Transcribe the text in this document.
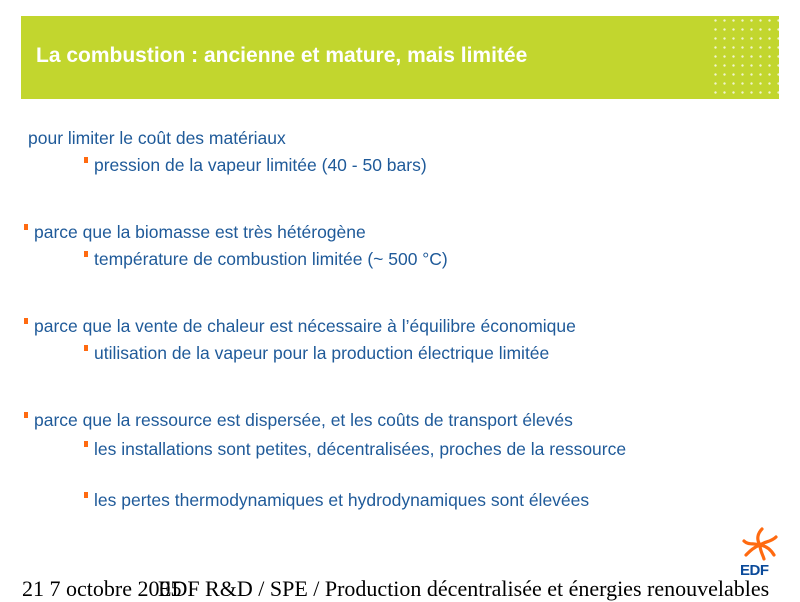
La combustion : ancienne et mature, mais limitée
pour limiter le coût des matériaux
pression de la vapeur limitée (40 - 50 bars)
parce que la biomasse est très hétérogène
température de combustion limitée (~ 500 °C)
parce que la vente de chaleur est nécessaire à l’équilibre économique
utilisation de la vapeur pour la production électrique limitée
parce que la ressource est dispersée, et les coûts de transport élevés
les installations sont petites, décentralisées, proches de la ressource
les pertes thermodynamiques et hydrodynamiques sont élevées
EDF
21 7 octobre 2005
EDF R&D / SPE / Production décentralisée et énergies renouvelables
